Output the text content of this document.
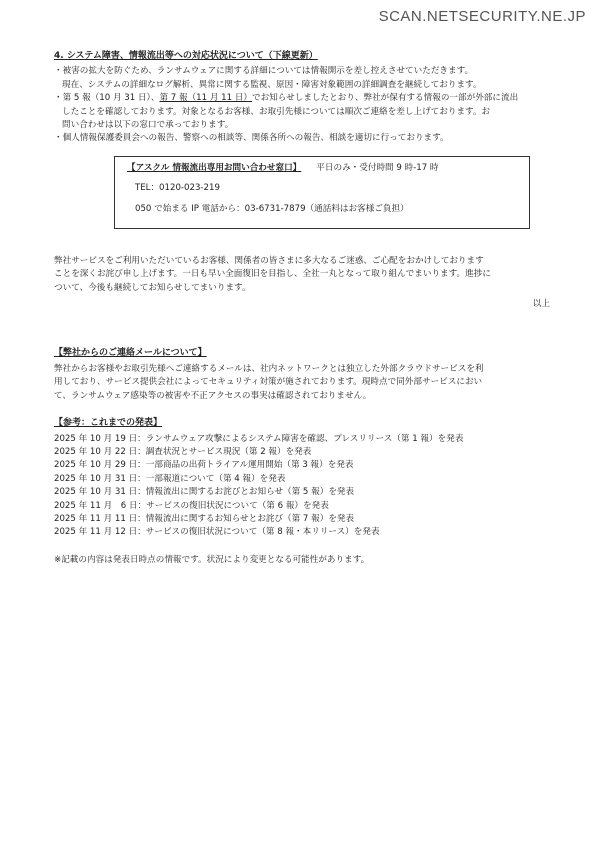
SCAN.NETSECURITY.NE.JP

4. システム障害、情報流出等への対応状況について（下線更新）

・被害の拡大を防ぐため、ランサムウェアに関する詳細については情報開示を差し控えさせていただきます。

現在、システムの詳細なログ解析、異常に関する監視、原因・障害対象範囲の詳細調査を継続しております。

・第 5 報（10 月 31 日）、第 7 報（11 月 11 日）でお知らせしましたとおり、弊社が保有する情報の一部が外部に流出

したことを確認しております。対象となるお客様、お取引先様については順次ご連絡を差し上げております。お

問い合わせは以下の窓口で承っております。

・個人情報保護委員会への報告、警察への相談等、関係各所への報告、相談を適切に行っております。

【アスクル 情報流出専用お問い合わせ窓口】 平日のみ・受付時間 9 時-17 時
TEL：0120-023-219
050 で始まる IP 電話から：03-6731-7879（通話料はお客様ご負担）

弊社サービスをご利用いただいているお客様、関係者の皆さまに多大なるご迷惑、ご心配をおかけしております

ことを深くお詫び申し上げます。一日も早い全面復旧を目指し、全社一丸となって取り組んでまいります。進捗に

ついて、今後も継続してお知らせしてまいります。

以上

【弊社からのご連絡メールについて】

弊社からお客様やお取引先様へご連絡するメールは、社内ネットワークとは独立した外部クラウドサービスを利

用しており、サービス提供会社によってセキュリティ対策が施されております。現時点で同外部サービスにおい

て、ランサムウェア感染等の被害や不正アクセスの事実は確認されておりません。

【参考：これまでの発表】

2025 年 10 月 19 日：ランサムウェア攻撃によるシステム障害を確認、プレスリリース（第 1 報）を発表

2025 年 10 月 22 日：調査状況とサービス現況（第 2 報）を発表

2025 年 10 月 29 日：一部商品の出荷トライアル運用開始（第 3 報）を発表

2025 年 10 月 31 日：一部報道について（第 4 報）を発表

2025 年 10 月 31 日：情報流出に関するお詫びとお知らせ（第 5 報）を発表

2025 年 11 月　6 日：サービスの復旧状況について（第 6 報）を発表

2025 年 11 月 11 日：情報流出に関するお知らせとお詫び（第 7 報）を発表

2025 年 11 月 12 日：サービスの復旧状況について（第 8 報・本リリース）を発表

※記載の内容は発表日時点の情報です。状況により変更となる可能性があります。
